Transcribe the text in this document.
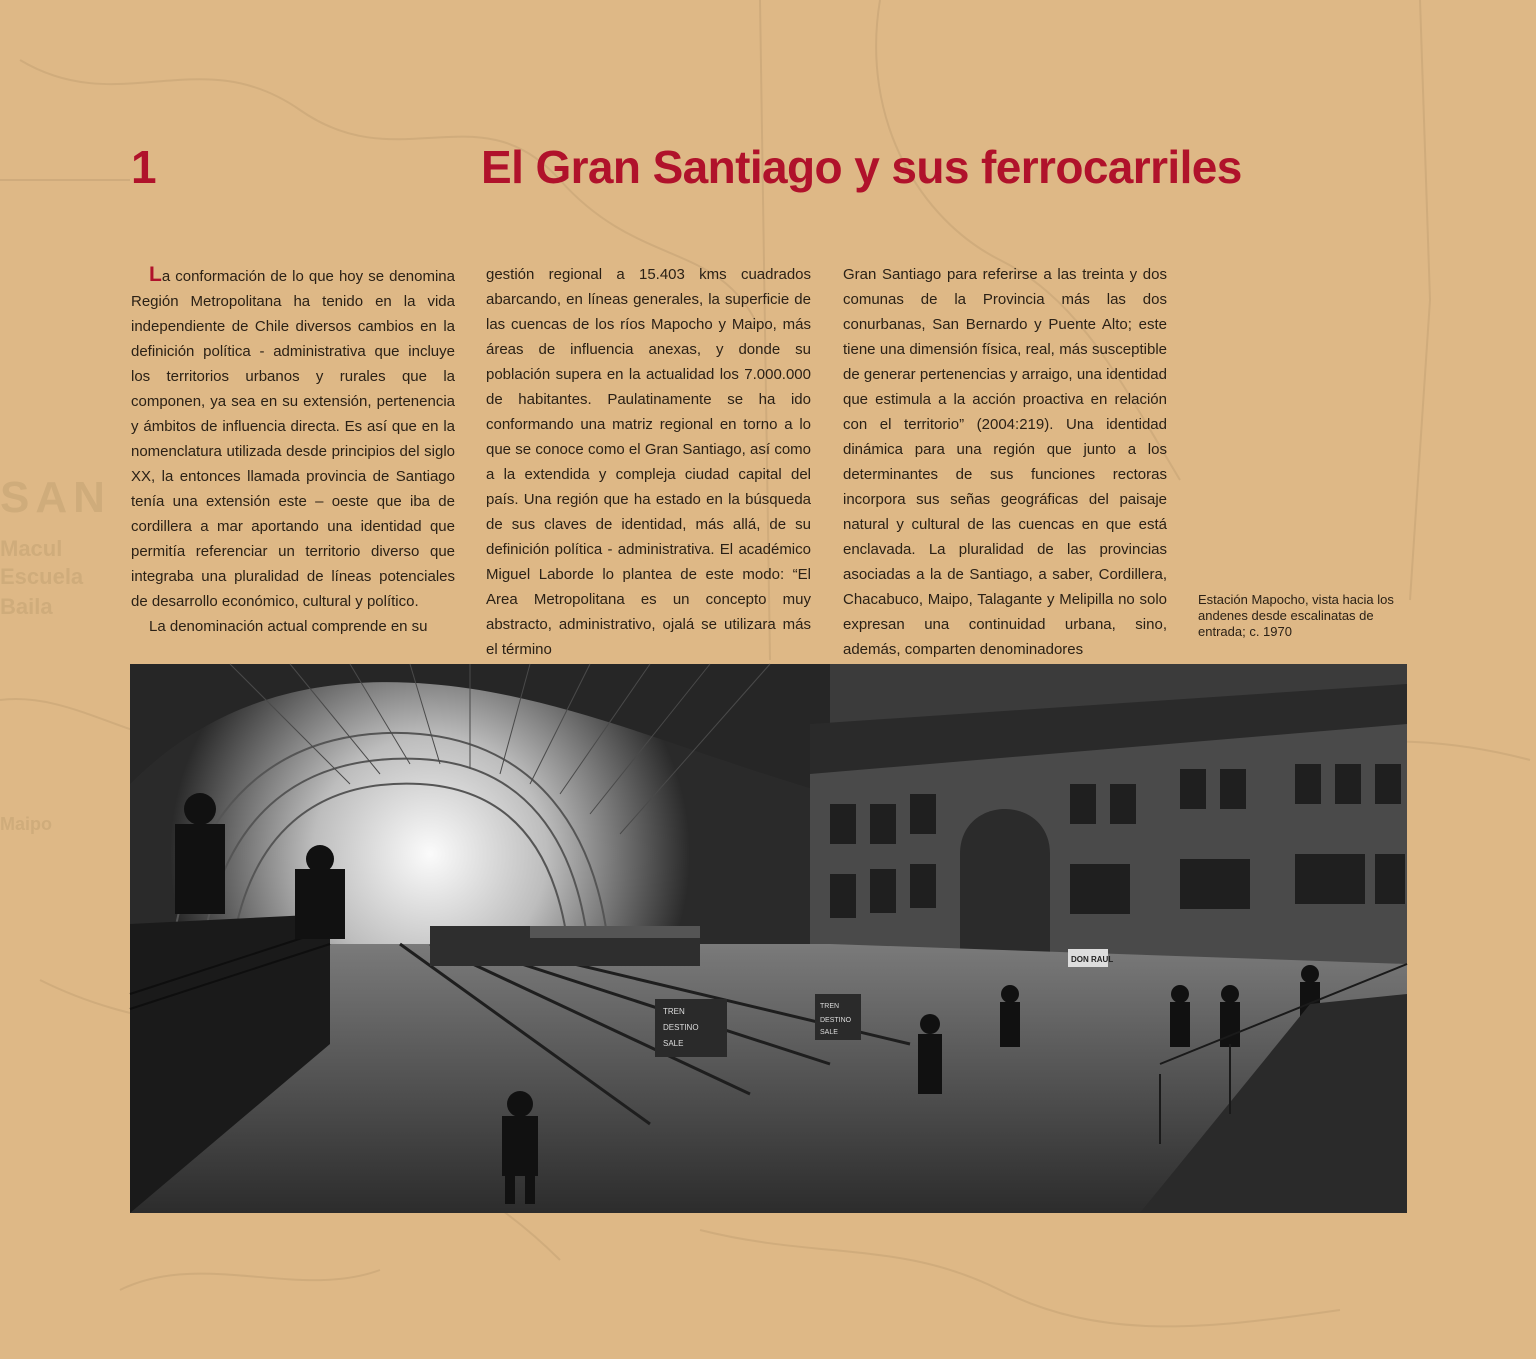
SAN
Macul
Escuela
Baila
Maipo
1	El Gran Santiago y sus ferrocarriles

La conformación de lo que hoy se denomina Región Metropolitana ha tenido en la vida independiente de Chile diversos cambios en la definición política - administrativa que incluye los territorios urbanos y rurales que la componen, ya sea en su extensión, pertenencia y ámbitos de influencia directa. Es así que en la nomenclatura utilizada desde principios del siglo XX, la entonces llamada provincia de Santiago tenía una extensión este – oeste que iba de cordillera a mar aportando una identidad que permitía referenciar un territorio diverso que integraba una pluralidad de líneas potenciales de desarrollo económico, cultural y político.

La denominación actual comprende en su

gestión regional a 15.403 kms cuadrados abarcando, en líneas generales, la superficie de las cuencas de los ríos Mapocho y Maipo, más áreas de influencia anexas, y donde su población supera en la actualidad los 7.000.000 de habitantes. Paulatinamente se ha ido conformando una matriz regional en torno a lo que se conoce como el Gran Santiago, así como a la extendida y compleja ciudad capital del país. Una región que ha estado en la búsqueda de sus claves de identidad, más allá, de su definición política - administrativa. El académico Miguel Laborde lo plantea de este modo: “El Area Metropolitana es un concepto muy abstracto, administrativo, ojalá se utilizara más el término

Gran Santiago para referirse a las treinta y dos comunas de la Provincia más las dos conurbanas, San Bernardo y Puente Alto; este tiene una dimensión física, real, más susceptible de generar pertenencias y arraigo, una identidad que estimula a la acción proactiva en relación con el territorio” (2004:219). Una identidad dinámica para una región que junto a los determinantes de sus funciones rectoras incorpora sus señas geográficas del paisaje natural y cultural de las cuencas en que está enclavada. La pluralidad de las provincias asociadas a la de Santiago, a saber, Cordillera, Chacabuco, Maipo, Talagante y Melipilla no solo expresan una continuidad urbana, sino, además, comparten denominadores

Estación Mapocho, vista hacia los andenes desde escalinatas de entrada; c. 1970
TREN
DESTINO
SALE
TREN
DESTINO
SALE
DON RAUL
